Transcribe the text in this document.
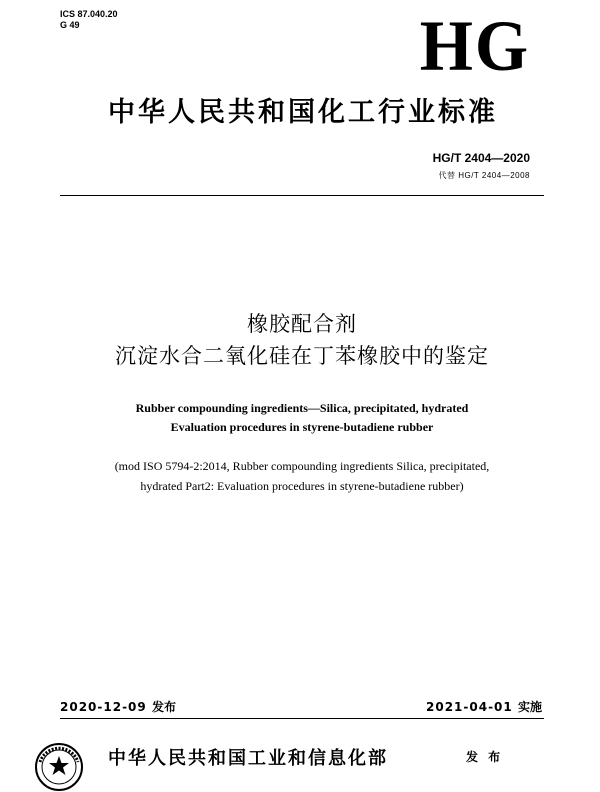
ICS 87.040.20
G 49	HG
中华人民共和国化工行业标准
HG/T 2404—2020
代替 HG/T 2404—2008
橡胶配合剂
沉淀水合二氧化硅在丁苯橡胶中的鉴定
Rubber compounding ingredients—Silica, precipitated, hydrated
Evaluation procedures in styrene-butadiene rubber
(mod ISO 5794-2:2014, Rubber compounding ingredients Silica, precipitated,
hydrated Part2: Evaluation procedures in styrene-butadiene rubber)
2020-12-09 发布	2021-04-01 实施
中华人民共和国工业和信息化部	发 布
